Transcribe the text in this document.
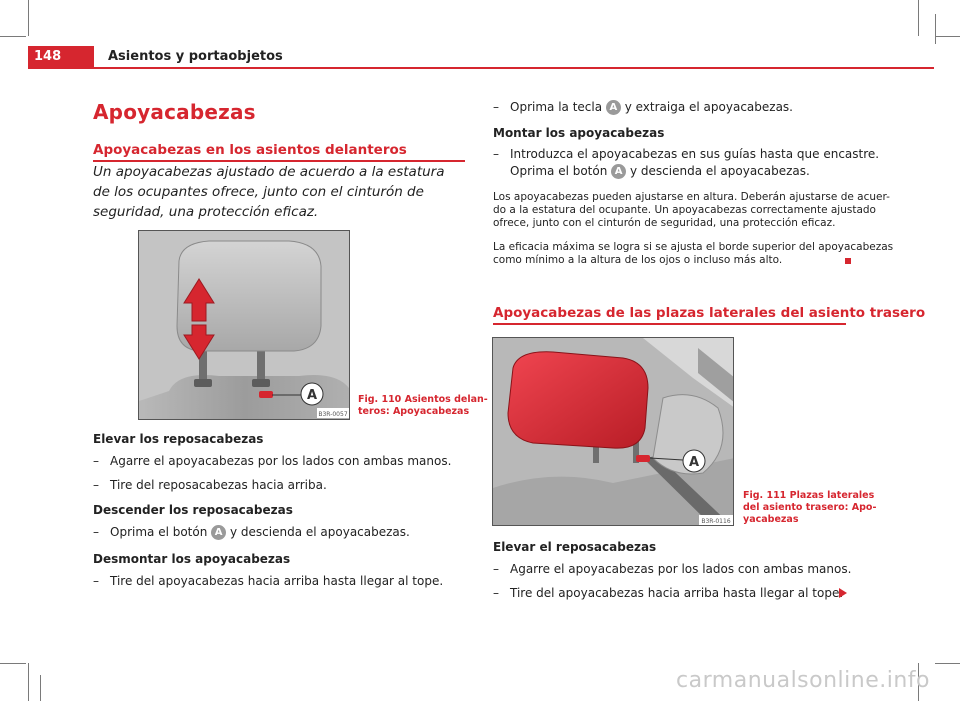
148	Asientos y portaobjetos
Apoyacabezas
Apoyacabezas en los asientos delanteros
Un apoyacabezas ajustado de acuerdo a la estatura de los ocupantes ofrece, junto con el cinturón de seguridad, una protección eficaz.
A
B3R-0057
Fig. 110 Asientos delan-
teros: Apoyacabezas
Elevar los reposacabezas
– Agarre el apoyacabezas por los lados con ambas manos.
– Tire del reposacabezas hacia arriba.
Descender los reposacabezas
– Oprima el botón A y descienda el apoyacabezas.
Desmontar los apoyacabezas
– Tire del apoyacabezas hacia arriba hasta llegar al tope.
– Oprima la tecla A y extraiga el apoyacabezas.
Montar los apoyacabezas
– Introduzca el apoyacabezas en sus guías hasta que encastre.
Oprima el botón A y descienda el apoyacabezas.
Los apoyacabezas pueden ajustarse en altura. Deberán ajustarse de acuer-
do a la estatura del ocupante. Un apoyacabezas correctamente ajustado
ofrece, junto con el cinturón de seguridad, una protección eficaz.
La eficacia máxima se logra si se ajusta el borde superior del apoyacabezas
como mínimo a la altura de los ojos o incluso más alto.
Apoyacabezas de las plazas laterales del asiento trasero
A
B3R-0116
Fig. 111 Plazas laterales
del asiento trasero: Apo-
yacabezas
Elevar el reposacabezas
– Agarre el apoyacabezas por los lados con ambas manos.
– Tire del apoyacabezas hacia arriba hasta llegar al tope.
carmanualsonline.info
